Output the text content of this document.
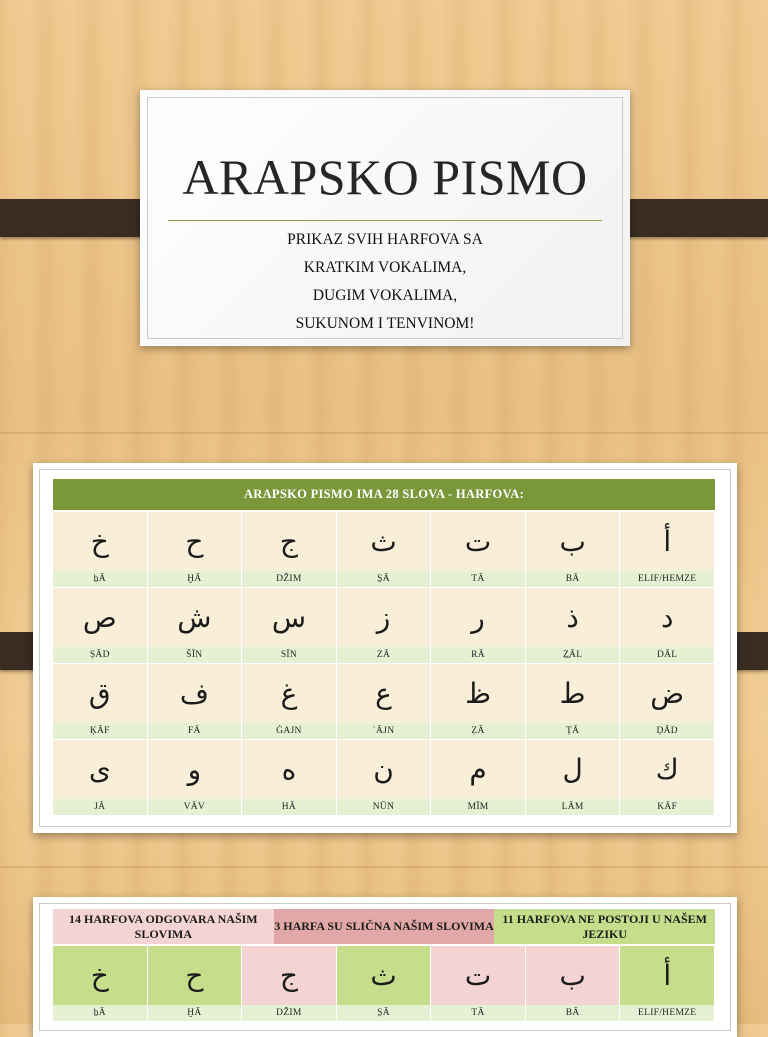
ARAPSKO PISMO
PRIKAZ SVIH HARFOVA SA
KRATKIM VOKALIMA,
DUGIM VOKALIMA,
SUKUNOM I TENVINOM!
ARAPSKO PISMO IMA 28 SLOVA - HARFOVA:
خ
ẖĀ
ح
ḪĀ
ج
DŽIM
ث
S̱Ā
ت
TĀ
ب
BĀ
أ
ELIF/HEMZE
ص
ṢĀD
ش
ŠĪN
س
SĪN
ز
ZĀ
ر
RĀ
ذ
Ẕ̱ĀL
د
DĀL
ق
ĶĀF
ف
FĀ
غ
ĠAJN
ع
ʿĀJN
ظ
ẒĀ
ط
ṬĀ
ض
ḌĀD
ى
JĀ
و
VĀV
ه
HĀ
ن
NŪN
م
MĪM
ل
LĀM
ك
KĀF
14 HARFOVA ODGOVARA NAŠIM SLOVIMA
3 HARFA SU SLIČNA NAŠIM SLOVIMA
11 HARFOVA NE POSTOJI U NAŠEM JEZIKU
خ
ẖĀ
ح
ḪĀ
ج
DŽIM
ث
S̱Ā
ت
TĀ
ب
BĀ
أ
ELIF/HEMZE
